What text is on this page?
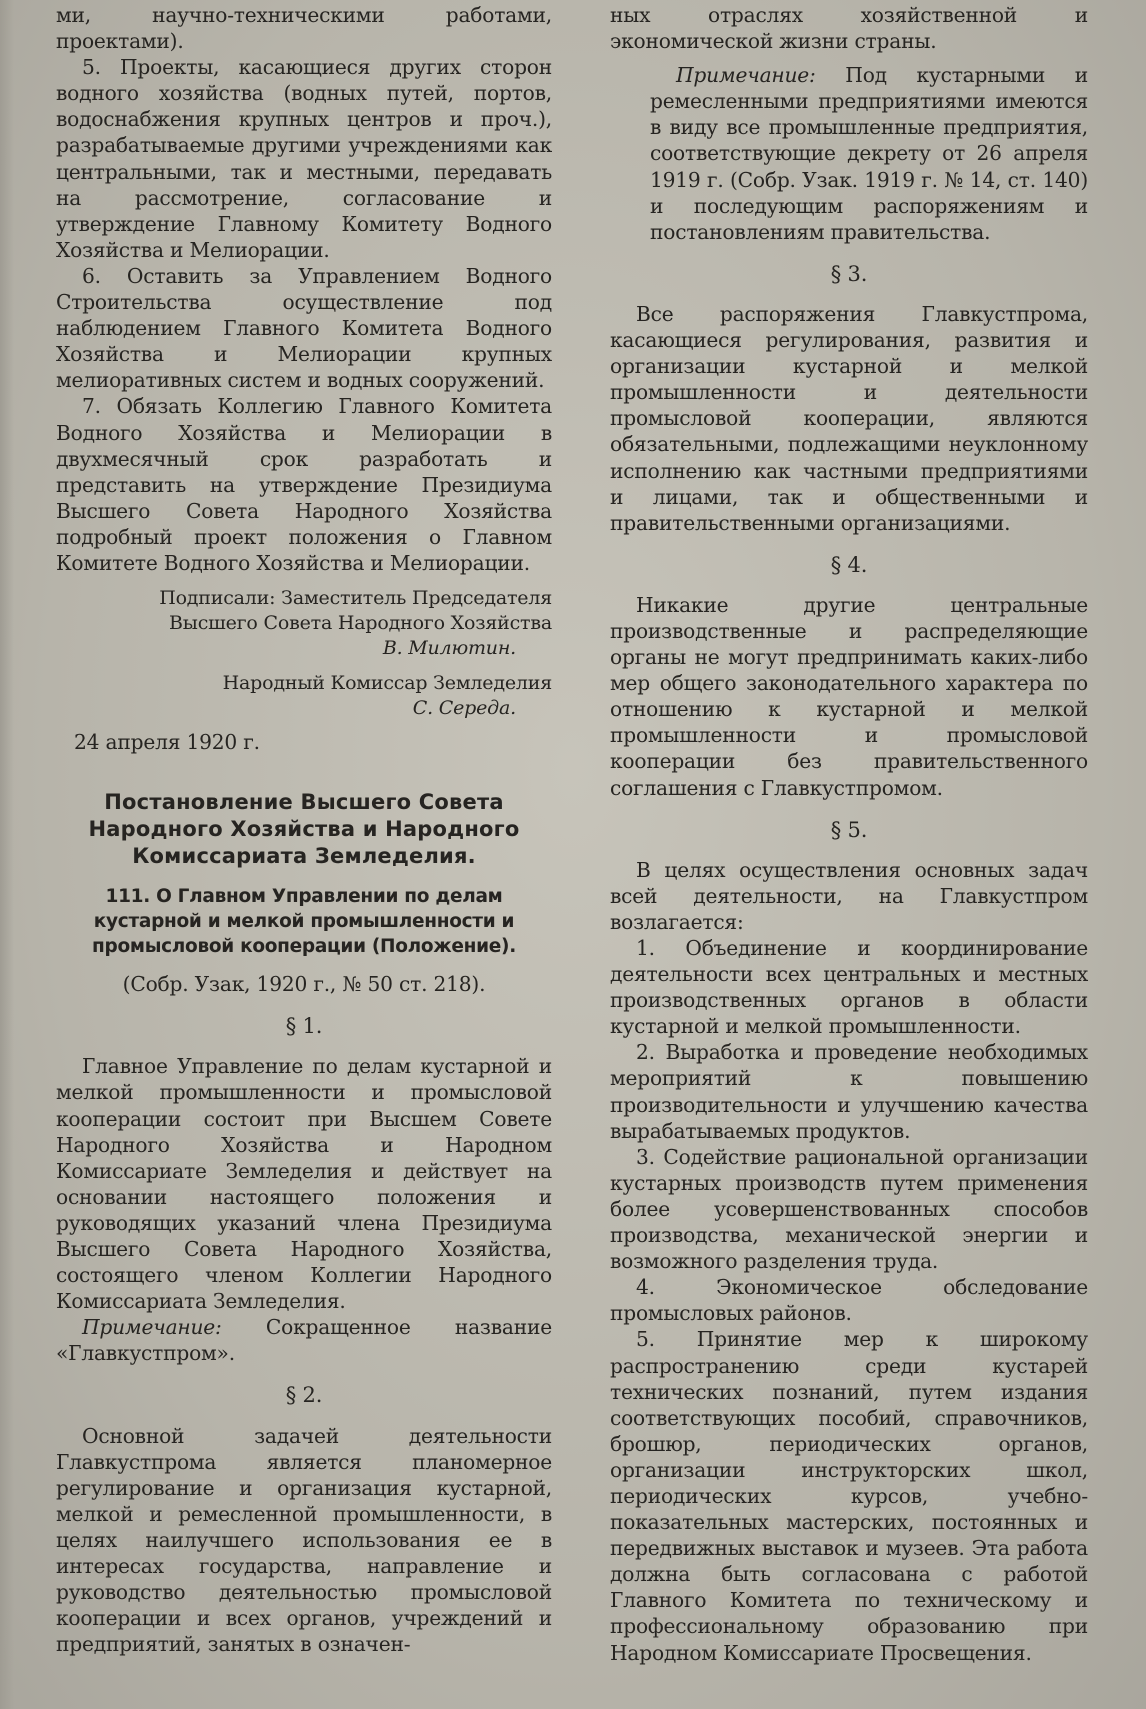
ми, научно-техническими работами, проектами).

5. Проекты, касающиеся других сторон водного хозяйства (водных путей, портов, водоснабжения крупных центров и проч.), разрабатываемые другими учреждениями как центральными, так и местными, передавать на рассмотрение, согласование и утверждение Главному Комитету Водного Хозяйства и Мелиорации.

6. Оставить за Управлением Водного Строительства осуществление под наблюдением Главного Комитета Водного Хозяйства и Мелиорации крупных мелиоративных систем и водных сооружений.

7. Обязать Коллегию Главного Комитета Водного Хозяйства и Мелиорации в двухмесячный срок разработать и представить на утверждение Президиума Высшего Совета Народного Хозяйства подробный проект положения о Главном Комитете Водного Хозяйства и Мелиорации.

Подписали: Заместитель Председателя
Высшего Совета Народного Хозяйства
В. Милютин.
Народный Комиссар Земледелия
С. Середа.

24 апреля 1920 г.

Постановление Высшего Совета Народного Хозяйства и Народного Комиссариата Земледелия.
111. О Главном Управлении по делам кустарной и мелкой промышленности и промысловой кооперации (Положение).
(Собр. Узак, 1920 г., № 50 ст. 218).
§ 1.

Главное Управление по делам кустарной и мелкой промышленности и промысловой кооперации состоит при Высшем Совете Народного Хозяйства и Народном Комиссариате Земледелия и действует на основании настоящего положения и руководящих указаний члена Президиума Высшего Совета Народного Хозяйства, состоящего членом Коллегии Народного Комиссариата Земледелия.

Примечание: Сокращенное название «Главкустпром».

§ 2.

Основной задачей деятельности Главкустпрома является планомерное регулирование и организация кустарной, мелкой и ремесленной промышленности, в целях наилучшего использования ее в интересах государства, направление и руководство деятельностью промысловой кооперации и всех органов, учреждений и предприятий, занятых в означен-

ных отраслях хозяйственной и экономической жизни страны.

Примечание: Под кустарными и ремесленными предприятиями имеются в виду все промышленные предприятия, соответствующие декрету от 26 апреля 1919 г. (Собр. Узак. 1919 г. № 14, ст. 140) и последующим распоряжениям и постановлениям правительства.

§ 3.

Все распоряжения Главкустпрома, касающиеся регулирования, развития и организации кустарной и мелкой промышленности и деятельности промысловой кооперации, являются обязательными, подлежащими неуклонному исполнению как частными предприятиями и лицами, так и общественными и правительственными организациями.

§ 4.

Никакие другие центральные производственные и распределяющие органы не могут предпринимать каких-либо мер общего законодательного характера по отношению к кустарной и мелкой промышленности и промысловой кооперации без правительственного соглашения с Главкустпромом.

§ 5.

В целях осуществления основных задач всей деятельности, на Главкустпром возлагается:

1. Объединение и координирование деятельности всех центральных и местных производственных органов в области кустарной и мелкой промышленности.

2. Выработка и проведение необходимых мероприятий к повышению производительности и улучшению качества вырабатываемых продуктов.

3. Содействие рациональной организации кустарных производств путем применения более усовершенствованных способов производства, механической энергии и возможного разделения труда.

4. Экономическое обследование промысловых районов.

5. Принятие мер к широкому распространению среди кустарей технических познаний, путем издания соответствующих пособий, справочников, брошюр, периодических органов, организации инструкторских школ, периодических курсов, учебно-показательных мастерских, постоянных и передвижных выставок и музеев. Эта работа должна быть согласована с работой Главного Комитета по техническому и профессиональному образованию при Народном Комиссариате Просвещения.
